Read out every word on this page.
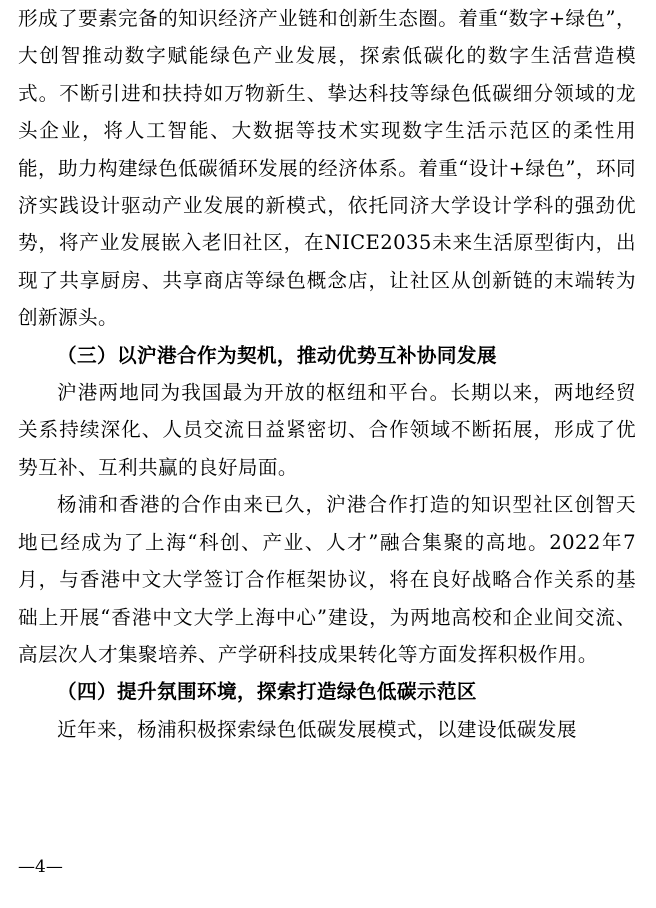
形成了要素完备的知识经济产业链和创新生态圈。着重“数字+绿色”，大创智推动数字赋能绿色产业发展，探索低碳化的数字生活营造模式。不断引进和扶持如万物新生、挚达科技等绿色低碳细分领域的龙头企业，将人工智能、大数据等技术实现数字生活示范区的柔性用能，助力构建绿色低碳循环发展的经济体系。着重“设计+绿色”，环同济实践设计驱动产业发展的新模式，依托同济大学设计学科的强劲优势，将产业发展嵌入老旧社区，在NICE2035未来生活原型街内，出现了共享厨房、共享商店等绿色概念店，让社区从创新链的末端转为创新源头。

（三）以沪港合作为契机，推动优势互补协同发展

沪港两地同为我国最为开放的枢纽和平台。长期以来，两地经贸关系持续深化、人员交流日益紧密切、合作领域不断拓展，形成了优势互补、互利共赢的良好局面。

杨浦和香港的合作由来已久，沪港合作打造的知识型社区创智天地已经成为了上海“科创、产业、人才”融合集聚的高地。2022年7月，与香港中文大学签订合作框架协议，将在良好战略合作关系的基础上开展“香港中文大学上海中心”建设，为两地高校和企业间交流、高层次人才集聚培养、产学研科技成果转化等方面发挥积极作用。

（四）提升氛围环境，探索打造绿色低碳示范区

近年来，杨浦积极探索绿色低碳发展模式，以建设低碳发展

—4—
